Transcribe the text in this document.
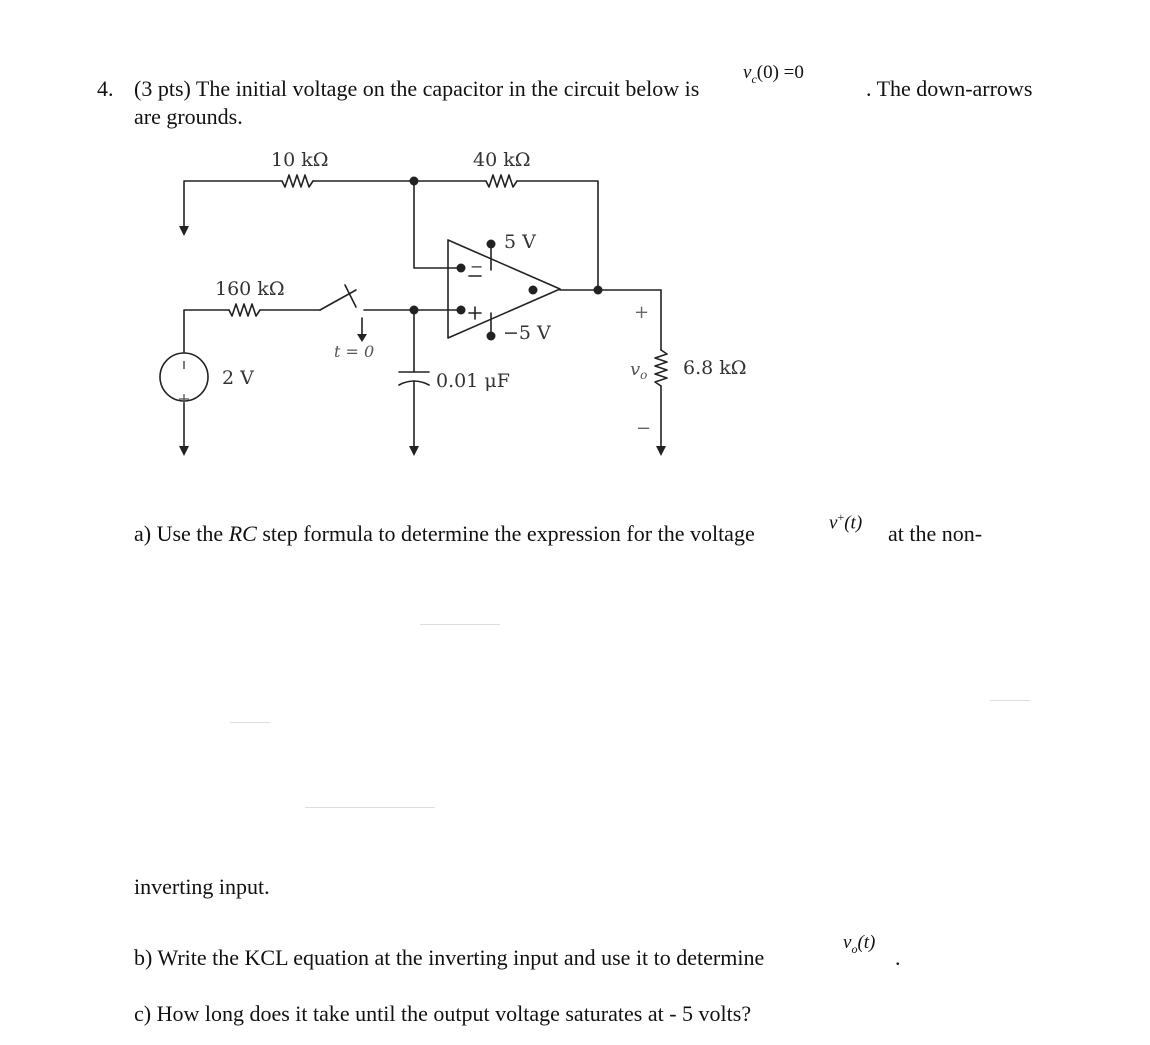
4. (3 pts) The initial voltage on the capacitor in the circuit below is
$v_c(0) =0$
. The down-arrows
are grounds.
10 kΩ	40 kΩ
160 kΩ
6.8 kΩ
2 V	0.01 μF
5 V
−5 V
t = 0
$v_o$
+
−
−
+
a) Use the RC step formula to determine the expression for the voltage	v+(t) at the non-
inverting input.
b) Write the KCL equation at the inverting input and use it to determine
$v_o(t)$
.
c) How long does it take until the output voltage saturates at - 5 volts?
